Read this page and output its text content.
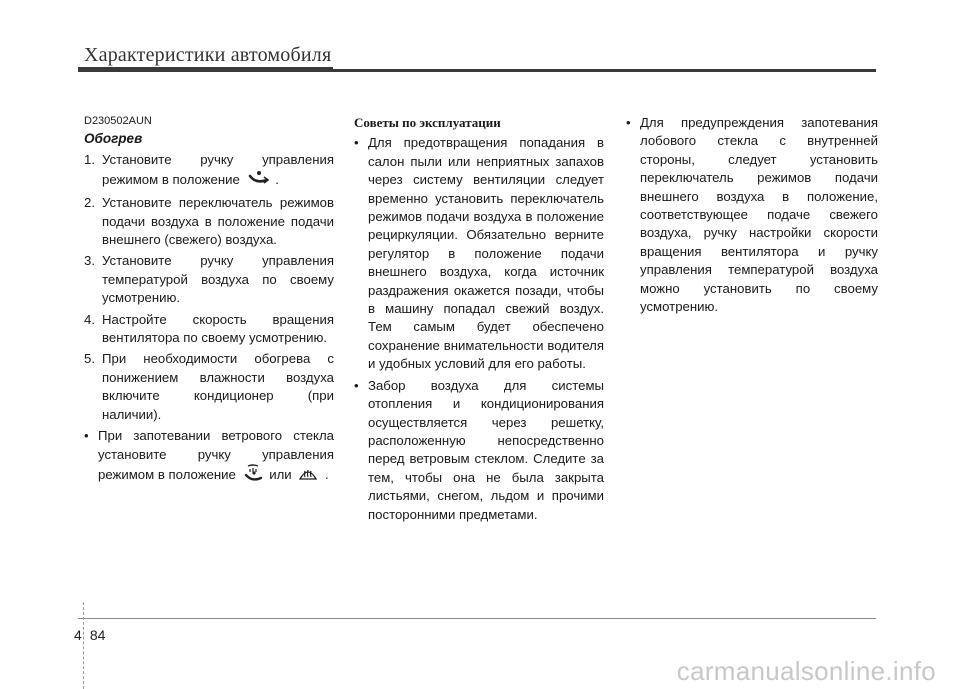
Характеристики автомобиля
D230502AUN
Обогрев
1. Установите ручку управления режимом в положение	.
2. Установите переключатель режимов подачи воздуха в положение подачи внешнего (свежего) воздуха.
3. Установите ручку управления температурой воздуха по своему усмотрению.
4. Настройте скорость вращения вентилятора по своему усмотрению.
5. При необходимости обогрева с понижением влажности воздуха включите кондиционер (при наличии).
• При запотевании ветрового стекла установите ручку управления режимом в положение	или	.
Советы по эксплуатации
• Для предотвращения попадания в салон пыли или неприятных запахов через систему вентиляции следует временно установить переключатель режимов подачи воздуха в положение рециркуляции. Обязательно верните регулятор в положение подачи внешнего воздуха, когда источник раздражения окажется позади, чтобы в машину попадал свежий воздух. Тем самым будет обеспечено сохранение внимательности водителя и удобных условий для его работы.
• Забор воздуха для системы отопления и кондиционирования осуществляется через решетку, расположенную непосредственно перед ветровым стеклом. Следите за тем, чтобы она не была закрыта листьями, снегом, льдом и прочими посторонними предметами.
• Для предупреждения запотевания лобового стекла с внутренней стороны, следует установить переключатель режимов подачи внешнего воздуха в положение, соответствующее подаче свежего воздуха, ручку настройки скорости вращения вентилятора и ручку управления температурой воздуха можно установить по своему усмотрению.
4 84
carmanualsonline.info
